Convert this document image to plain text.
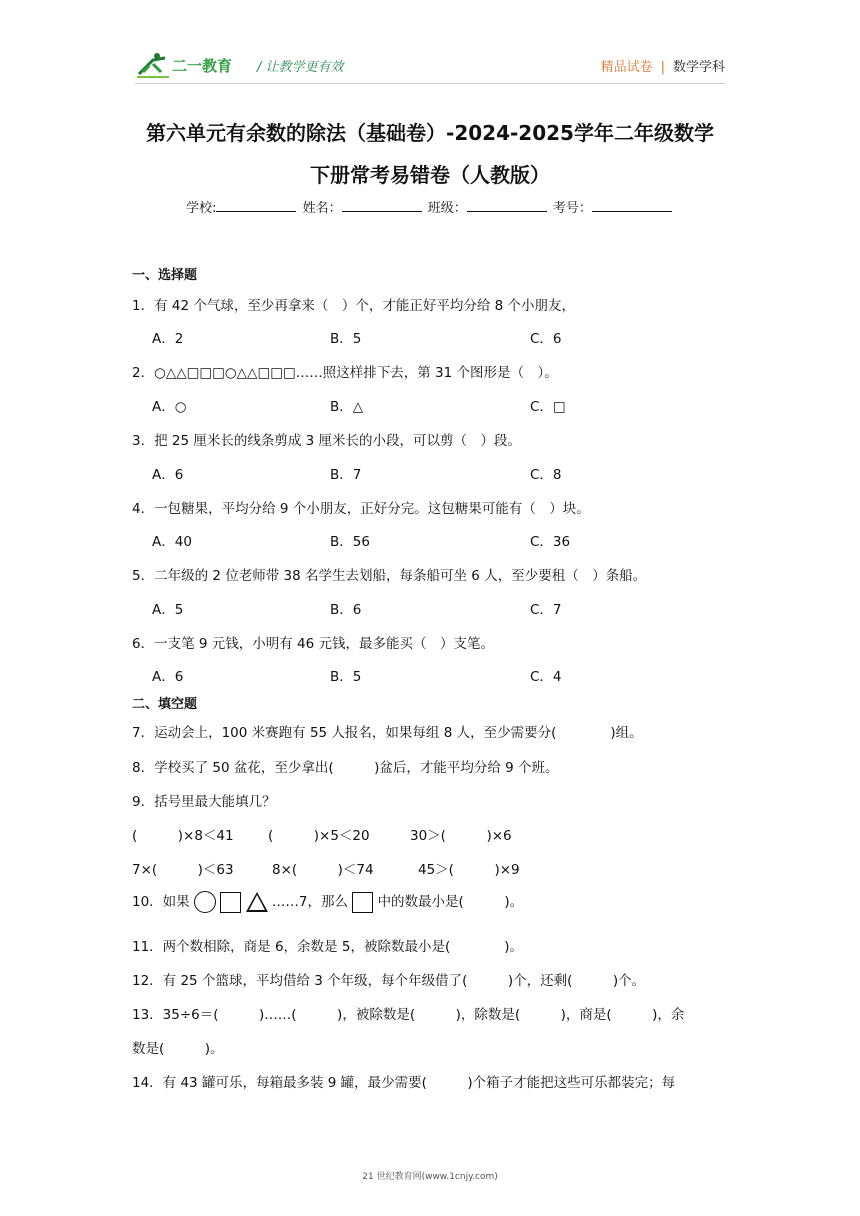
二一教育 / 让教学更有效	精品试卷 | 数学学科
第六单元有余数的除法（基础卷）-2024-2025学年二年级数学
下册常考易错卷（人教版）
学校:	姓名：	班级：	考号：
一、选择题
1．有 42 个气球，至少再拿来（　）个，才能正好平均分给 8 个小朋友，
A．2	B．5	C．6
2．○△△□□□○△△□□□……照这样排下去，第 31 个图形是（　）。
A．○	B．△	C．□
3．把 25 厘米长的线条剪成 3 厘米长的小段，可以剪（　）段。
A．6	B．7	C．8
4．一包糖果，平均分给 9 个小朋友，正好分完。这包糖果可能有（　）块。
A．40	B．56	C．36
5．二年级的 2 位老师带 38 名学生去划船，每条船可坐 6 人，至少要租（　）条船。
A．5	B．6	C．7
6．一支笔 9 元钱，小明有 46 元钱，最多能买（　）支笔。
A．6	B．5	C．4
二、填空题
7．运动会上，100 米赛跑有 55 人报名，如果每组 8 人，至少需要分(　　　　)组。
8．学校买了 50 盆花，至少拿出(　　　)盆后，才能平均分给 9 个班。
9．括号里最大能填几？
(　　　)×8＜41	(　　　)×5＜20	30＞(　　　)×6
7×(　　　)＜63	8×(　　　)＜74	45＞(　　　)×9
10．如果	……7，那么 中的数最小是(　　　)。
11．两个数相除，商是 6，余数是 5，被除数最小是(　　　　)。
12．有 25 个篮球，平均借给 3 个年级，每个年级借了(　　　)个，还剩(　　　)个。
13．35÷6＝(　　　)……(　　　)，被除数是(　　　)，除数是(　　　)，商是(　　　)，余
数是(　　　)。
14．有 43 罐可乐，每箱最多装 9 罐，最少需要(　　　)个箱子才能把这些可乐都装完；每
21 世纪教育网(www.1cnjy.com)
